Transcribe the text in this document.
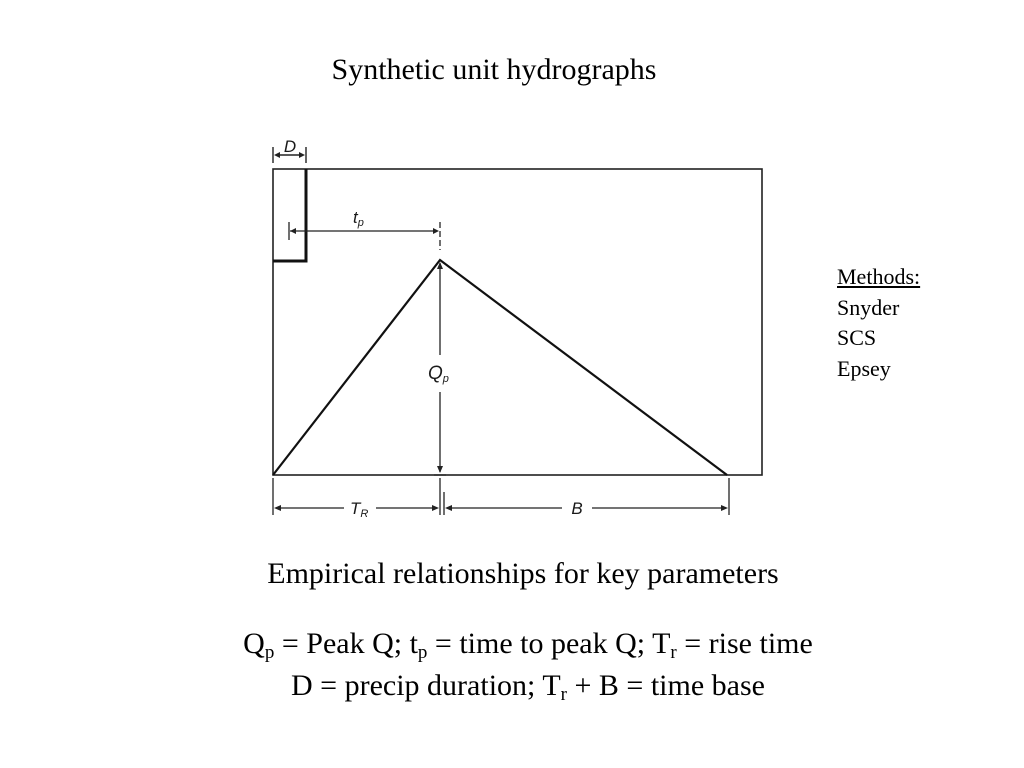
Synthetic unit hydrographs
D
tp
Qp
TR	B
Methods:
Snyder
SCS
Epsey
Empirical relationships for key parameters
$Q_p$ = Peak Q; $t_p$ = time to peak Q; $T_r$ = rise time
D = precip duration; $T_r + B$ = time base
